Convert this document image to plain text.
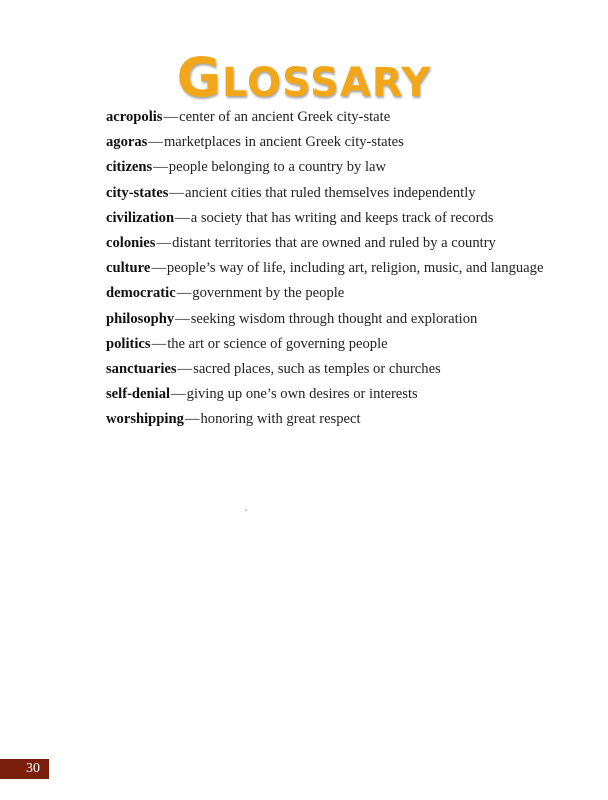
GLOSSARY
acropolis—center of an ancient Greek city-state
agoras—marketplaces in ancient Greek city-states
citizens—people belonging to a country by law
city-states—ancient cities that ruled themselves independently
civilization—a society that has writing and keeps track of records
colonies—distant territories that are owned and ruled by a country
culture—people’s way of life, including art, religion, music, and language
democratic—government by the people
philosophy—seeking wisdom through thought and exploration
politics—the art or science of governing people
sanctuaries—sacred places, such as temples or churches
self-denial—giving up one’s own desires or interests
worshipping—honoring with great respect
30
